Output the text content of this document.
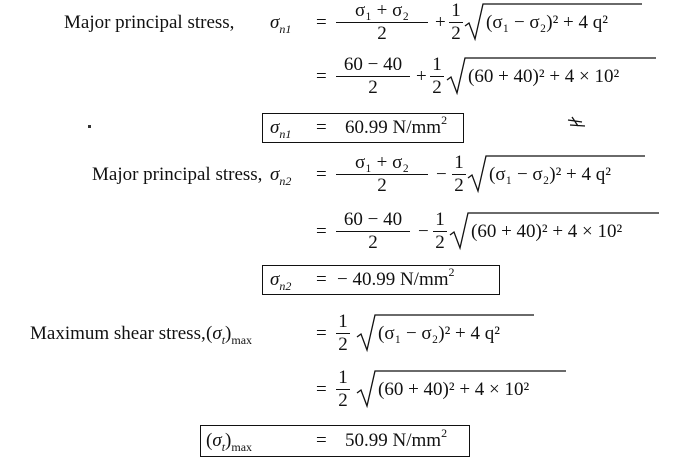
Major principal stress, $\sigma_{n1}$ =
σ₁ + σ₂
2
+
1
2
(σ₁ − σ₂)² + 4 q²
=
60 − 40
2
+
1
2
(60 + 40)² + 4 × 10²
$\sigma_{n1} = 60.99$ $N/mm^2$
Major principal stress, $\sigma_{n2}$ =
σ₁ + σ₂
2
−
1
2
(σ₁ − σ₂)² + 4 q²
=
60 − 40
2
−
1
2
(60 + 40)² + 4 × 10²
$\sigma_{n2}$ = − 40.99 $N/mm^2$
Maximum shear stress, $(\sigma_t)_{max}$	=
1
2
(σ₁ − σ₂)² + 4 q²
=
1
2
(60 + 40)² + 4 × 10²
$(\sigma_t)_{max}$	= 50.99 $N/mm^2$
